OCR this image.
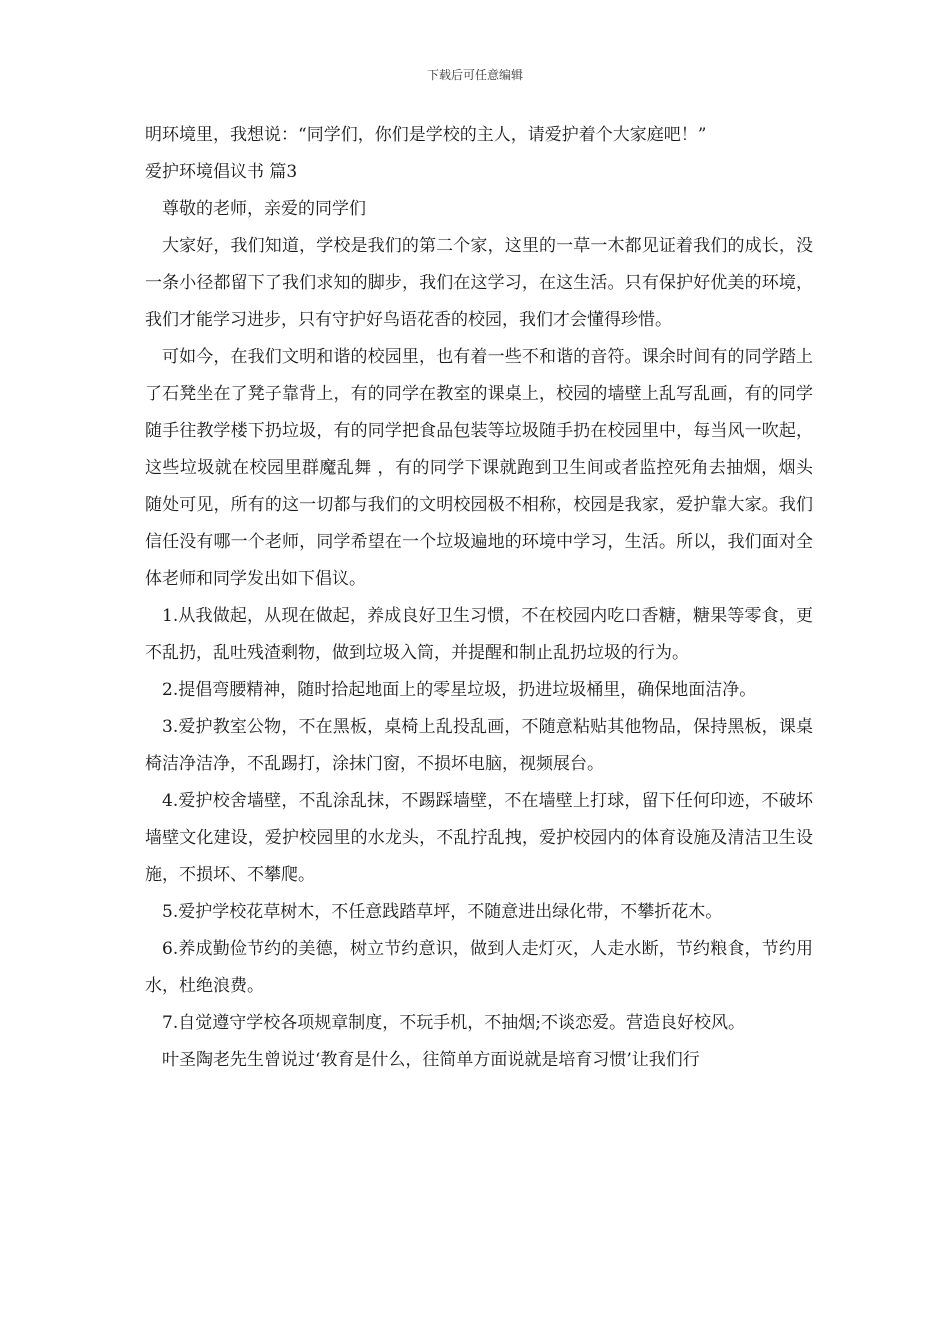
下载后可任意编辑

明环境里，我想说：“同学们，你们是学校的主人，请爱护着个大家庭吧！”

爱护环境倡议书 篇3

尊敬的老师，亲爱的同学们

大家好，我们知道，学校是我们的第二个家，这里的一草一木都见证着我们的成长，没一条小径都留下了我们求知的脚步，我们在这学习，在这生活。只有保护好优美的环境，我们才能学习进步，只有守护好鸟语花香的校园，我们才会懂得珍惜。

可如今，在我们文明和谐的校园里，也有着一些不和谐的音符。课余时间有的同学踏上了石凳坐在了凳子靠背上，有的同学在教室的课桌上，校园的墙壁上乱写乱画，有的同学随手往教学楼下扔垃圾，有的同学把食品包装等垃圾随手扔在校园里中，每当风一吹起，这些垃圾就在校园里群魔乱舞 ，有的同学下课就跑到卫生间或者监控死角去抽烟，烟头随处可见，所有的这一切都与我们的文明校园极不相称，校园是我家，爱护靠大家。我们信任没有哪一个老师，同学希望在一个垃圾遍地的环境中学习，生活。所以，我们面对全体老师和同学发出如下倡议。

1.从我做起，从现在做起，养成良好卫生习惯，不在校园内吃口香糖，糖果等零食，更不乱扔，乱吐残渣剩物，做到垃圾入筒，并提醒和制止乱扔垃圾的行为。

2.提倡弯腰精神，随时拾起地面上的零星垃圾，扔进垃圾桶里，确保地面洁净。

3.爱护教室公物，不在黑板，桌椅上乱投乱画，不随意粘贴其他物品，保持黑板，课桌椅洁净洁净，不乱踢打，涂抹门窗，不损坏电脑，视频展台。

4.爱护校舍墙壁，不乱涂乱抹，不踢踩墙壁，不在墙壁上打球，留下任何印迹，不破坏墙壁文化建设，爱护校园里的水龙头，不乱拧乱拽，爱护校园内的体育设施及清洁卫生设施，不损坏、不攀爬。

5.爱护学校花草树木，不任意践踏草坪，不随意进出绿化带，不攀折花木。

6.养成勤俭节约的美德，树立节约意识，做到人走灯灭，人走水断，节约粮食，节约用水，杜绝浪费。

7.自觉遵守学校各项规章制度，不玩手机，不抽烟;不谈恋爱。营造良好校风。

叶圣陶老先生曾说过‘教育是什么，往简单方面说就是培育习惯’让我们行
